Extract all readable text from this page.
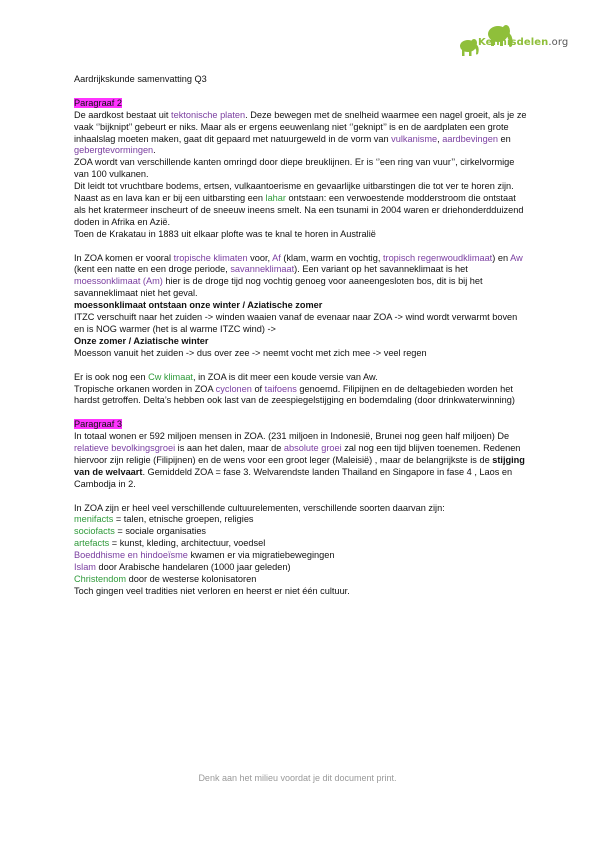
Kennisdelen.org

Aardrijkskunde samenvatting Q3

Paragraaf 2

De aardkost bestaat uit tektonische platen. Deze bewegen met de snelheid waarmee een nagel groeit, als je ze vaak ‘’bijknipt’’ gebeurt er niks. Maar als er ergens eeuwenlang niet ‘’geknipt’’ is en de aardplaten een grote inhaalslag moeten maken, gaat dit gepaard met natuurgeweld in de vorm van vulkanisme, aardbevingen en gebergtevormingen.

ZOA wordt van verschillende kanten omringd door diepe breuklijnen. Er is ‘’een ring van vuur’’, cirkelvormige van 100 vulkanen.

Dit leidt tot vruchtbare bodems, ertsen, vulkaantoerisme en gevaarlijke uitbarstingen die tot ver te horen zijn. Naast as en lava kan er bij een uitbarsting een lahar ontstaan: een verwoestende modderstroom die ontstaat als het kratermeer inscheurt of de sneeuw ineens smelt. Na een tsunami in 2004 waren er driehonderdduizend doden in Afrika en Azië.

Toen de Krakatau in 1883 uit elkaar plofte was te knal te horen in Australië

In ZOA komen er vooral tropische klimaten voor, Af (klam, warm en vochtig, tropisch regenwoudklimaat) en Aw (kent een natte en een droge periode, savanneklimaat). Een variant op het savanneklimaat is het moessonklimaat (Am) hier is de droge tijd nog vochtig genoeg voor aaneengesloten bos, dit is bij het savanneklimaat niet het geval.

moessonklimaat ontstaan onze winter / Aziatische zomer

ITZC verschuift naar het zuiden -> winden waaien vanaf de evenaar naar ZOA -> wind wordt verwarmt boven en is NOG warmer (het is al warme ITZC wind) ->

Onze zomer / Aziatische winter

Moesson vanuit het zuiden -> dus over zee -> neemt vocht met zich mee -> veel regen

Er is ook nog een Cw klimaat, in ZOA is dit meer een koude versie van Aw.

Tropische orkanen worden in ZOA cyclonen of taifoens genoemd. Filipijnen en de deltagebieden worden het hardst getroffen. Delta’s hebben ook last van de zeespiegelstijging en bodemdaling (door drinkwaterwinning)

Paragraaf 3

In totaal wonen er 592 miljoen mensen in ZOA. (231 miljoen in Indonesië, Brunei nog geen half miljoen) De relatieve bevolkingsgroei is aan het dalen, maar de absolute groei zal nog een tijd blijven toenemen. Redenen hiervoor zijn religie (Filipijnen) en de wens voor een groot leger (Maleisië) , maar de belangrijkste is de stijging van de welvaart. Gemiddeld ZOA = fase 3. Welvarendste landen Thailand en Singapore in fase 4 , Laos en Cambodja in 2.

In ZOA zijn er heel veel verschillende cultuurelementen, verschillende soorten daarvan zijn:

menifacts = talen, etnische groepen, religies

sociofacts = sociale organisaties

artefacts = kunst, kleding, architectuur, voedsel

Boeddhisme en hindoeïsme kwamen er via migratiebewegingen

Islam door Arabische handelaren (1000 jaar geleden)

Christendom door de westerse kolonisatoren

Toch gingen veel tradities niet verloren en heerst er niet één cultuur.

Denk aan het milieu voordat je dit document print.
